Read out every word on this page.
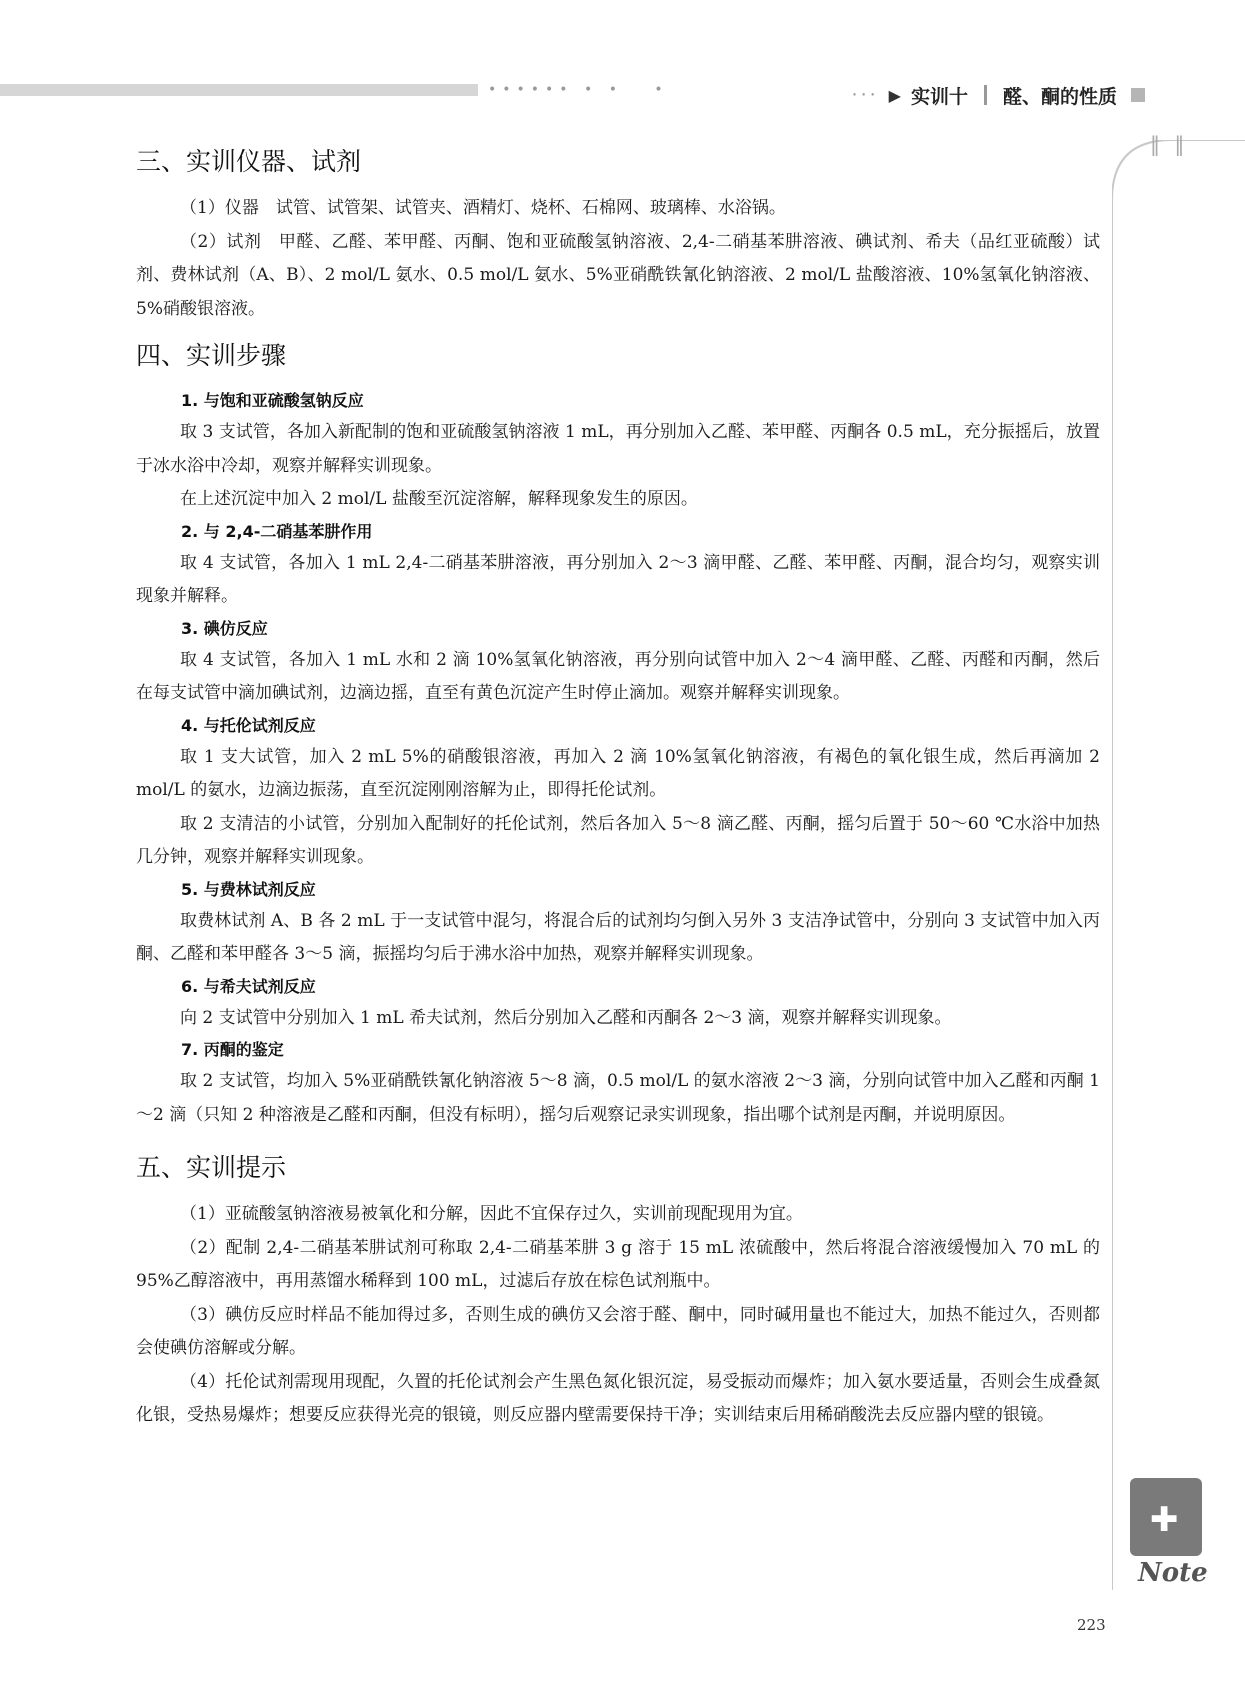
•••••• • •   •	··· ▶ 实训十 醛、酮的性质
‖ ‖
✚
Note
三、实训仪器、试剂

（1）仪器　试管、试管架、试管夹、酒精灯、烧杯、石棉网、玻璃棒、水浴锅。

（2）试剂　甲醛、乙醛、苯甲醛、丙酮、饱和亚硫酸氢钠溶液、2,4-二硝基苯肼溶液、碘试剂、希夫（品红亚硫酸）试剂、费林试剂（A、B）、2 mol/L 氨水、0.5 mol/L 氨水、5%亚硝酰铁氰化钠溶液、2 mol/L 盐酸溶液、10%氢氧化钠溶液、5%硝酸银溶液。

四、实训步骤
1. 与饱和亚硫酸氢钠反应

取 3 支试管，各加入新配制的饱和亚硫酸氢钠溶液 1 mL，再分别加入乙醛、苯甲醛、丙酮各 0.5 mL，充分振摇后，放置于冰水浴中冷却，观察并解释实训现象。

在上述沉淀中加入 2 mol/L 盐酸至沉淀溶解，解释现象发生的原因。

2. 与 2,4-二硝基苯肼作用

取 4 支试管，各加入 1 mL 2,4-二硝基苯肼溶液，再分别加入 2～3 滴甲醛、乙醛、苯甲醛、丙酮，混合均匀，观察实训现象并解释。

3. 碘仿反应

取 4 支试管，各加入 1 mL 水和 2 滴 10%氢氧化钠溶液，再分别向试管中加入 2～4 滴甲醛、乙醛、丙醛和丙酮，然后在每支试管中滴加碘试剂，边滴边摇，直至有黄色沉淀产生时停止滴加。观察并解释实训现象。

4. 与托伦试剂反应

取 1 支大试管，加入 2 mL 5%的硝酸银溶液，再加入 2 滴 10%氢氧化钠溶液，有褐色的氧化银生成，然后再滴加 2 mol/L 的氨水，边滴边振荡，直至沉淀刚刚溶解为止，即得托伦试剂。

取 2 支清洁的小试管，分别加入配制好的托伦试剂，然后各加入 5～8 滴乙醛、丙酮，摇匀后置于 50～60 ℃水浴中加热几分钟，观察并解释实训现象。

5. 与费林试剂反应

取费林试剂 A、B 各 2 mL 于一支试管中混匀，将混合后的试剂均匀倒入另外 3 支洁净试管中，分别向 3 支试管中加入丙酮、乙醛和苯甲醛各 3～5 滴，振摇均匀后于沸水浴中加热，观察并解释实训现象。

6. 与希夫试剂反应

向 2 支试管中分别加入 1 mL 希夫试剂，然后分别加入乙醛和丙酮各 2～3 滴，观察并解释实训现象。

7. 丙酮的鉴定

取 2 支试管，均加入 5%亚硝酰铁氰化钠溶液 5～8 滴，0.5 mol/L 的氨水溶液 2～3 滴，分别向试管中加入乙醛和丙酮 1～2 滴（只知 2 种溶液是乙醛和丙酮，但没有标明），摇匀后观察记录实训现象，指出哪个试剂是丙酮，并说明原因。

五、实训提示

（1）亚硫酸氢钠溶液易被氧化和分解，因此不宜保存过久，实训前现配现用为宜。

（2）配制 2,4-二硝基苯肼试剂可称取 2,4-二硝基苯肼 3 g 溶于 15 mL 浓硫酸中，然后将混合溶液缓慢加入 70 mL 的 95%乙醇溶液中，再用蒸馏水稀释到 100 mL，过滤后存放在棕色试剂瓶中。

（3）碘仿反应时样品不能加得过多，否则生成的碘仿又会溶于醛、酮中，同时碱用量也不能过大，加热不能过久，否则都会使碘仿溶解或分解。

（4）托伦试剂需现用现配，久置的托伦试剂会产生黑色氮化银沉淀，易受振动而爆炸；加入氨水要适量，否则会生成叠氮化银，受热易爆炸；想要反应获得光亮的银镜，则反应器内壁需要保持干净；实训结束后用稀硝酸洗去反应器内壁的银镜。

223
